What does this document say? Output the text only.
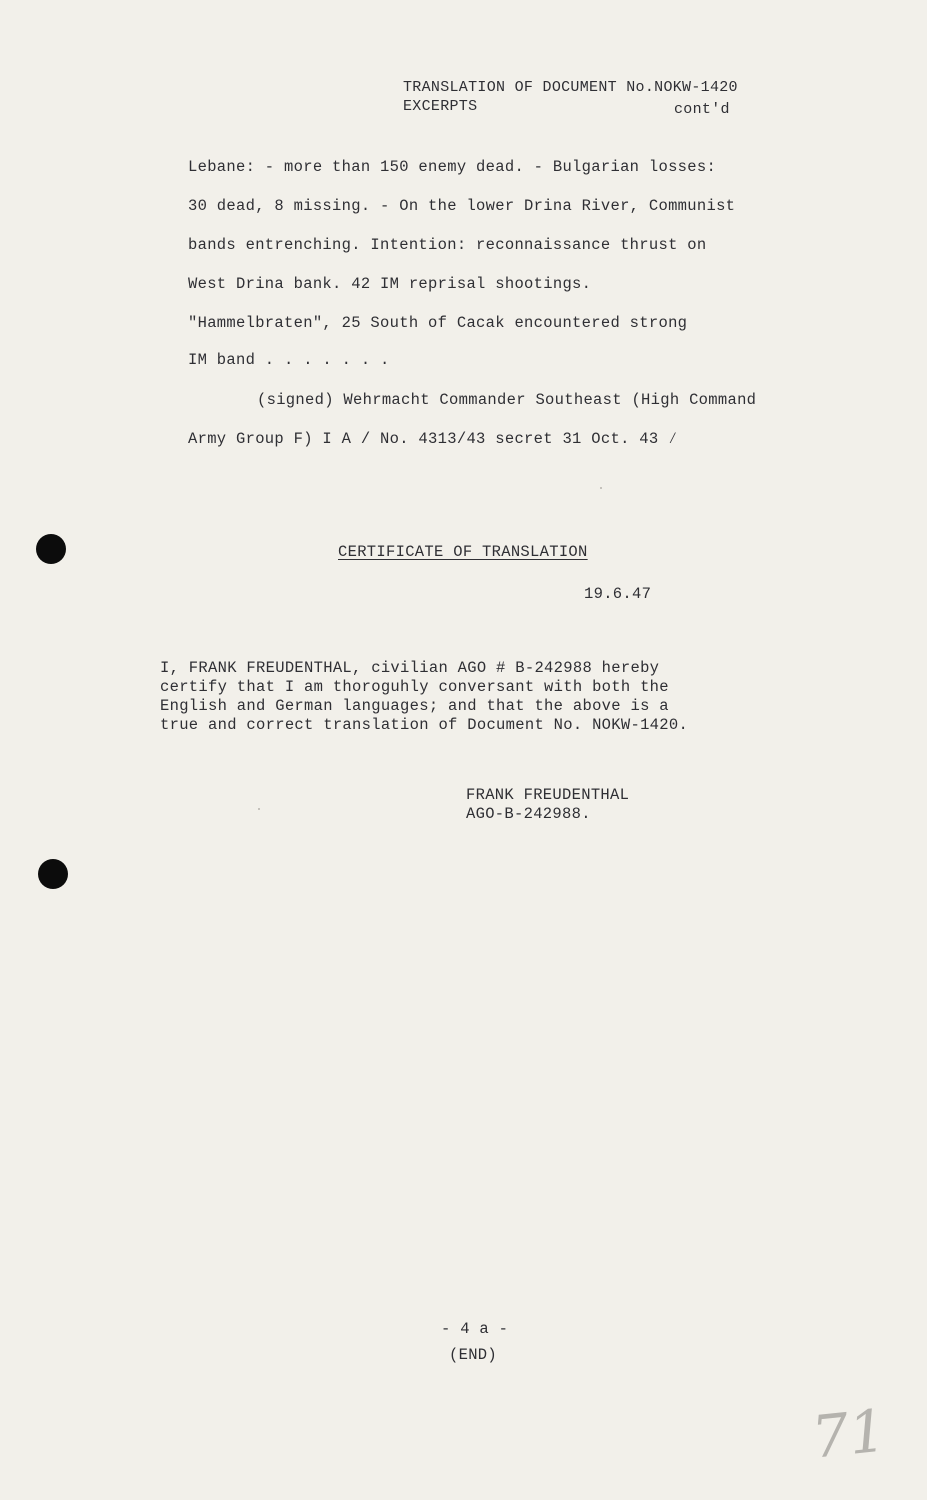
TRANSLATION OF DOCUMENT No.NOKW-1420
EXCERPTS	cont'd
Lebane: - more than 150 enemy dead. - Bulgarian losses:
30 dead, 8 missing. - On the lower Drina River, Communist
bands entrenching. Intention: reconnaissance thrust on
West Drina bank. 42 IM reprisal shootings.
"Hammelbraten", 25 South of Cacak encountered strong
IM band . . . . . . .
(signed) Wehrmacht Commander Southeast (High Command
Army Group F) I A / No. 4313/43 secret 31 Oct. 43 ⁄
CERTIFICATE OF TRANSLATION
19.6.47
I, FRANK FREUDENTHAL, civilian AGO # B-242988 hereby
certify that I am thoroguhly conversant with both the
English and German languages; and that the above is a
true and correct translation of Document No. NOKW-1420.
FRANK FREUDENTHAL
AGO-B-242988.
- 4 a -
(END)
71
